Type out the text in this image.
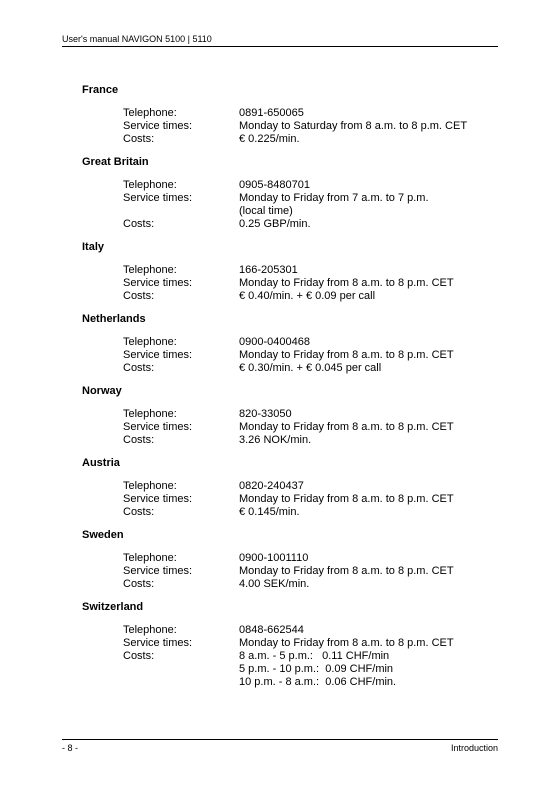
User's manual NAVIGON 5100 | 5110
France
Telephone:	0891-650065
Service times:	Monday to Saturday from 8 a.m. to 8 p.m. CET
Costs:	€ 0.225/min.
Great Britain
Telephone:	0905-8480701
Service times:	Monday to Friday from 7 a.m. to 7 p.m.
(local time)
Costs:	0.25 GBP/min.
Italy
Telephone:	166-205301
Service times:	Monday to Friday from 8 a.m. to 8 p.m. CET
Costs:	€ 0.40/min. + € 0.09 per call
Netherlands
Telephone:	0900-0400468
Service times:	Monday to Friday from 8 a.m. to 8 p.m. CET
Costs:	€ 0.30/min. + € 0.045 per call
Norway
Telephone:	820-33050
Service times:	Monday to Friday from 8 a.m. to 8 p.m. CET
Costs:	3.26 NOK/min.
Austria
Telephone:	0820-240437
Service times:	Monday to Friday from 8 a.m. to 8 p.m. CET
Costs:	€ 0.145/min.
Sweden
Telephone:	0900-1001110
Service times:	Monday to Friday from 8 a.m. to 8 p.m. CET
Costs:	4.00 SEK/min.
Switzerland
Telephone:	0848-662544
Service times:	Monday to Friday from 8 a.m. to 8 p.m. CET
Costs:	8 a.m. - 5 p.m.:   0.11 CHF/min
5 p.m. - 10 p.m.:  0.09 CHF/min
10 p.m. - 8 a.m.:  0.06 CHF/min.
- 8 -	Introduction
